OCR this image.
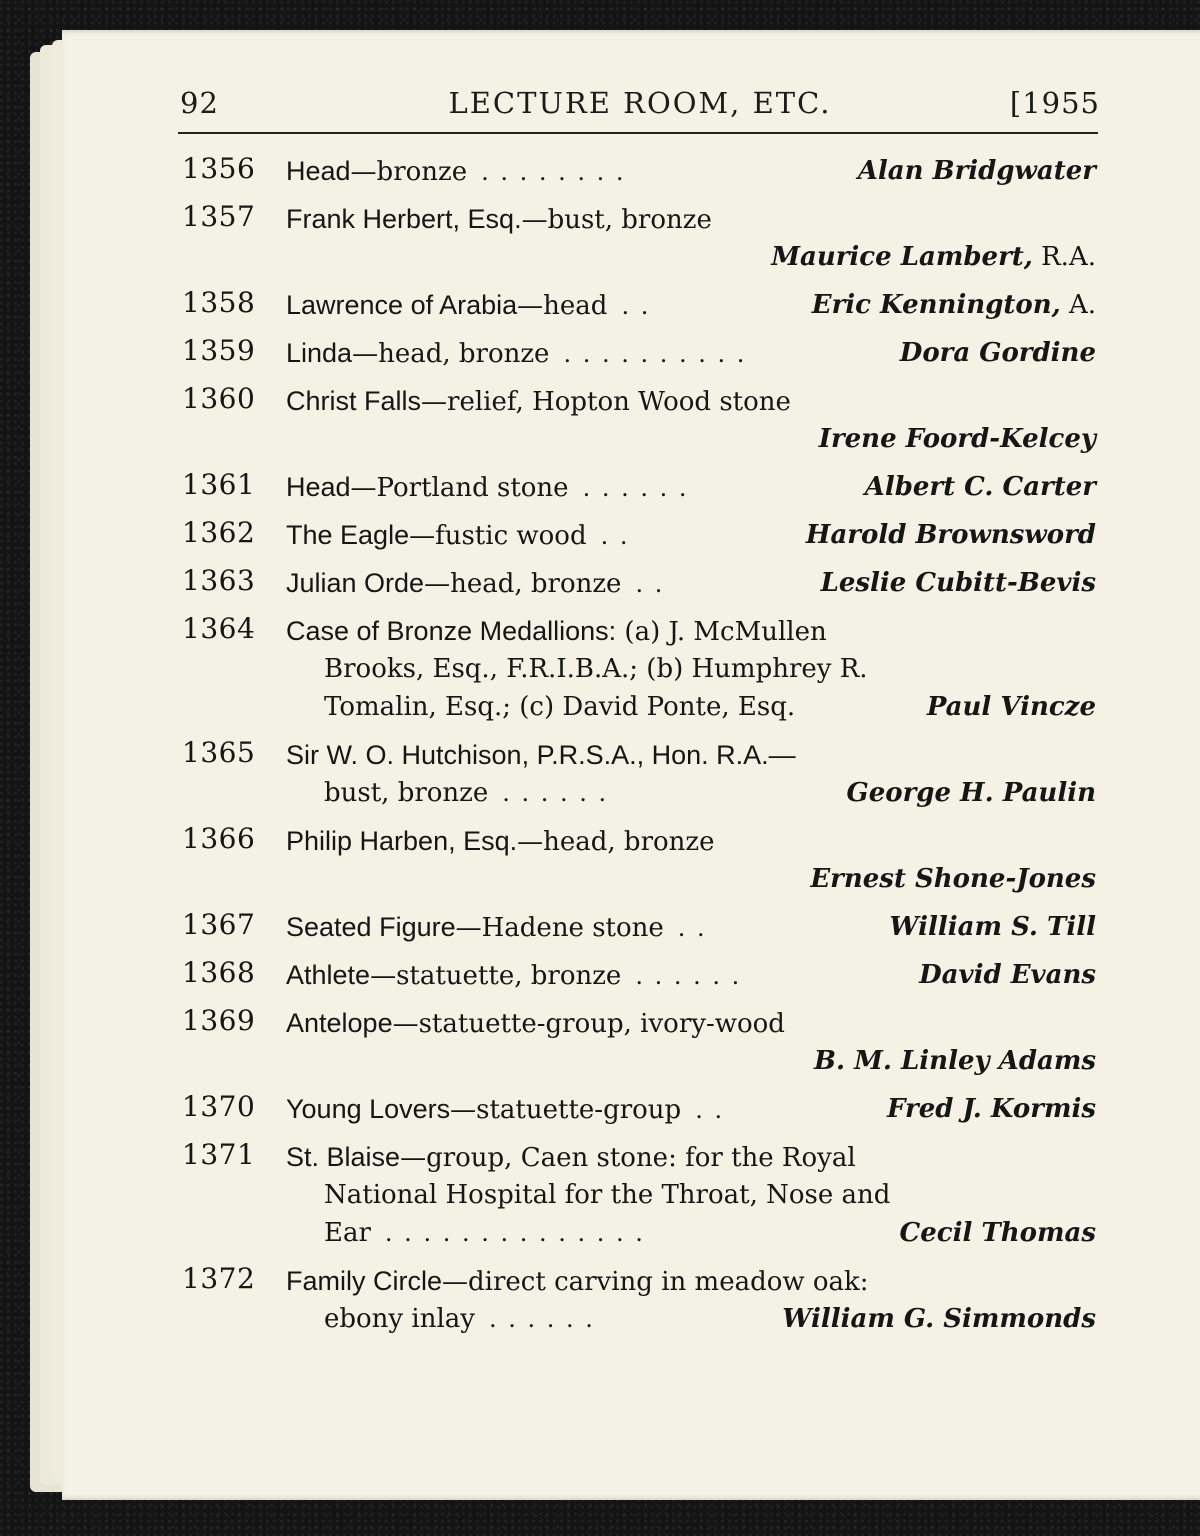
92	LECTURE ROOM, ETC.	[1955
1356 Head—bronze . . . . . . . .	Alan Bridgwater
1357 Frank Herbert, Esq.—bust, bronze
Maurice Lambert, R.A.
1358 Lawrence of Arabia—head . .	Eric Kennington, A.
1359 Linda—head, bronze . . . . . . . . . .	Dora Gordine
1360 Christ Falls—relief, Hopton Wood stone
Irene Foord-Kelcey
1361 Head—Portland stone . . . . . .	Albert C. Carter
1362 The Eagle—fustic wood . .	Harold Brownsword
1363 Julian Orde—head, bronze . .	Leslie Cubitt-Bevis
1364 Case of Bronze Medallions: (a) J. McMullen
Brooks, Esq., F.R.I.B.A.; (b) Humphrey R.
Tomalin, Esq.; (c) David Ponte, Esq.	Paul Vincze
1365 Sir W. O. Hutchison, P.R.S.A., Hon. R.A.—
bust, bronze . . . . . .	George H. Paulin
1366 Philip Harben, Esq.—head, bronze
Ernest Shone-Jones
1367 Seated Figure—Hadene stone . .	William S. Till
1368 Athlete—statuette, bronze . . . . . .	David Evans
1369 Antelope—statuette-group, ivory-wood
B. M. Linley Adams
1370 Young Lovers—statuette-group . .	Fred J. Kormis
1371 St. Blaise—group, Caen stone: for the Royal
National Hospital for the Throat, Nose and
Ear . . . . . . . . . . . . . .	Cecil Thomas
1372 Family Circle—direct carving in meadow oak:
ebony inlay . . . . . .	William G. Simmonds
